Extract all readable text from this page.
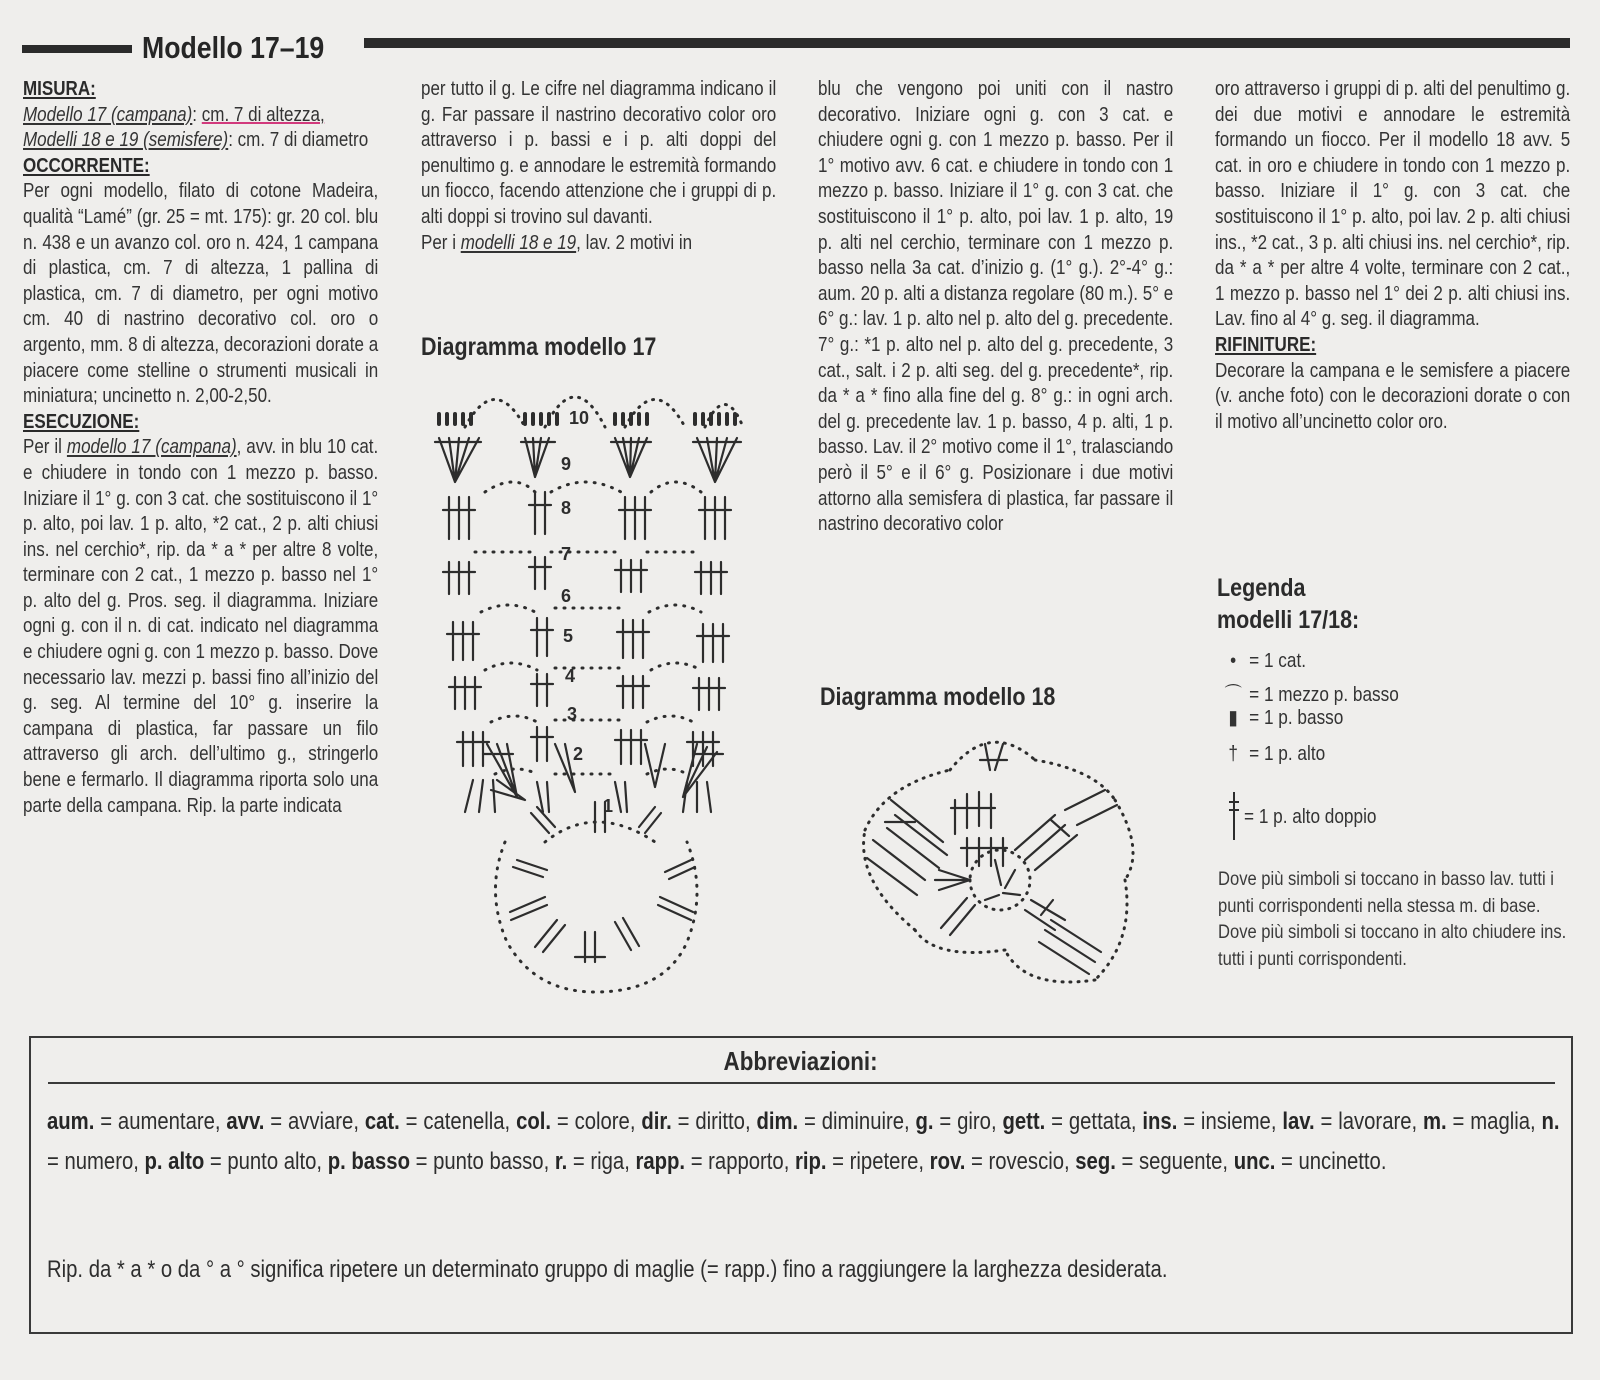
Modello 17–19

MISURA:

Modello 17 (campana): cm. 7 di altezza,

Modelli 18 e 19 (semisfere): cm. 7 di diametro

OCCORRENTE:

Per ogni modello, filato di cotone Madeira, qualità “Lamé” (gr. 25 = mt. 175): gr. 20 col. blu n. 438 e un avanzo col. oro n. 424, 1 campana di plastica, cm. 7 di altezza, 1 pallina di plastica, cm. 7 di diametro, per ogni motivo cm. 40 di nastrino decorativo col. oro o argento, mm. 8 di altezza, decorazioni dorate a piacere come stelline o strumenti musicali in miniatura; uncinetto n. 2,00-2,50.

ESECUZIONE:

Per il modello 17 (campana), avv. in blu 10 cat. e chiudere in tondo con 1 mezzo p. basso. Iniziare il 1° g. con 3 cat. che sostituiscono il 1° p. alto, poi lav. 1 p. alto, *2 cat., 2 p. alti chiusi ins. nel cerchio*, rip. da * a * per altre 8 volte, terminare con 2 cat., 1 mezzo p. basso nel 1° p. alto del g. Pros. seg. il diagramma. Iniziare ogni g. con il n. di cat. indicato nel diagramma e chiudere ogni g. con 1 mezzo p. basso. Dove necessario lav. mezzi p. bassi fino all’inizio del g. seg. Al termine del 10° g. inserire la campana di plastica, far passare un filo attraverso gli arch. dell’ultimo g., stringerlo bene e fermarlo. Il diagramma riporta solo una parte della campana. Rip. la parte indicata

per tutto il g. Le cifre nel diagramma indicano il g. Far passare il nastrino decorativo color oro attraverso i p. bassi e i p. alti doppi del penultimo g. e annodare le estremità formando un fiocco, facendo attenzione che i gruppi di p. alti doppi si trovino sul davanti.

Per i modelli 18 e 19, lav. 2 motivi in

Diagramma modello 17
10
9
8
7
6
5
4
3
2
1

blu che vengono poi uniti con il nastro decorativo. Iniziare ogni g. con 3 cat. e chiudere ogni g. con 1 mezzo p. basso. Per il 1° motivo avv. 6 cat. e chiudere in tondo con 1 mezzo p. basso. Iniziare il 1° g. con 3 cat. che sostituiscono il 1° p. alto, poi lav. 1 p. alto, 19 p. alti nel cerchio, terminare con 1 mezzo p. basso nella 3a cat. d’inizio g. (1° g.). 2°-4° g.: aum. 20 p. alti a distanza regolare (80 m.). 5° e 6° g.: lav. 1 p. alto nel p. alto del g. precedente. 7° g.: *1 p. alto nel p. alto del g. precedente, 3 cat., salt. i 2 p. alti seg. del g. precedente*, rip. da * a * fino alla fine del g. 8° g.: in ogni arch. del g. precedente lav. 1 p. basso, 4 p. alti, 1 p. basso. Lav. il 2° motivo come il 1°, tralasciando però il 5° e il 6° g. Posizionare i due motivi attorno alla semisfera di plastica, far passare il nastrino decorativo color

Diagramma modello 18

oro attraverso i gruppi di p. alti del penultimo g. dei due motivi e annodare le estremità formando un fiocco. Per il modello 18 avv. 5 cat. in oro e chiudere in tondo con 1 mezzo p. basso. Iniziare il 1° g. con 3 cat. che sostituiscono il 1° p. alto, poi lav. 2 p. alti chiusi ins., *2 cat., 3 p. alti chiusi ins. nel cerchio*, rip. da * a * per altre 4 volte, terminare con 2 cat., 1 mezzo p. basso nel 1° dei 2 p. alti chiusi ins. Lav. fino al 4° g. seg. il diagramma.

RIFINITURE:

Decorare la campana e le semisfere a piacere (v. anche foto) con le decorazioni dorate o con il motivo all’uncinetto color oro.

Legenda
modelli 17/18:
• = 1 cat.
⌒ = 1 mezzo p. basso
▮ = 1 p. basso
† = 1 p. alto
= 1 p. alto doppio
Dove più simboli si toccano in basso lav. tutti i punti corrispondenti nella stessa m. di base. Dove più simboli si toccano in alto chiudere ins. tutti i punti corrispondenti.
Abbreviazioni:
aum. = aumentare, avv. = avviare, cat. = catenella, col. = colore, dir. = diritto, dim. = diminuire, g. = giro, gett. = gettata, ins. = insieme, lav. = lavorare, m. = maglia, n. = numero, p. alto = punto alto, p. basso = punto basso, r. = riga, rapp. = rapporto, rip. = ripetere, rov. = rovescio, seg. = seguente, unc. = uncinetto.
Rip. da * a * o da ° a ° significa ripetere un determinato gruppo di maglie (= rapp.) fino a raggiungere la larghezza desiderata.
